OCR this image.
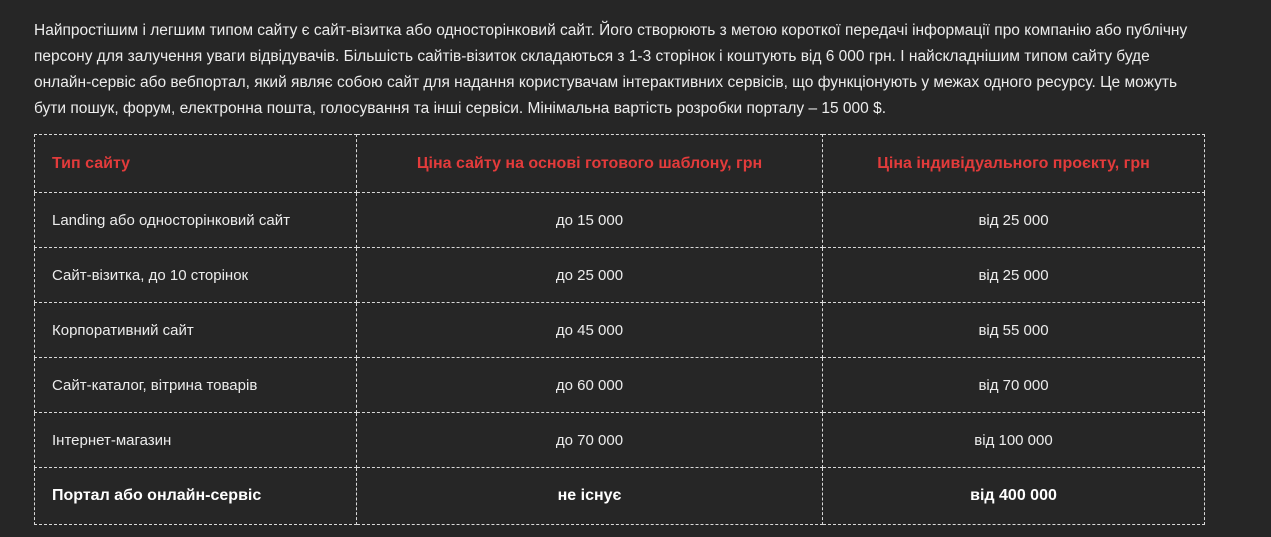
Найпростішим і легшим типом сайту є сайт-візитка або односторінковий сайт. Його створюють з метою короткої передачі інформації про компанію або публічну персону для залучення уваги відвідувачів. Більшість сайтів-візиток складаються з 1-3 сторінок і коштують від 6 000 грн. І найскладнішим типом сайту буде онлайн-сервіс або вебпортал, який являє собою сайт для надання користувачам інтерактивних сервісів, що функціонують у межах одного ресурсу. Це можуть бути пошук, форум, електронна пошта, голосування та інші сервіси. Мінімальна вартість розробки порталу – 15 000 $.

Тип сайту	Ціна сайту на основі готового шаблону, грн	Ціна індивідуального проєкту, грн
Landing або односторінковий сайт	до 15 000	від 25 000
Сайт-візитка, до 10 сторінок	до 25 000	від 25 000
Корпоративний сайт	до 45 000	від 55 000
Сайт-каталог, вітрина товарів	до 60 000	від 70 000
Інтернет-магазин	до 70 000	від 100 000
Портал або онлайн-сервіс	не існує	від 400 000
